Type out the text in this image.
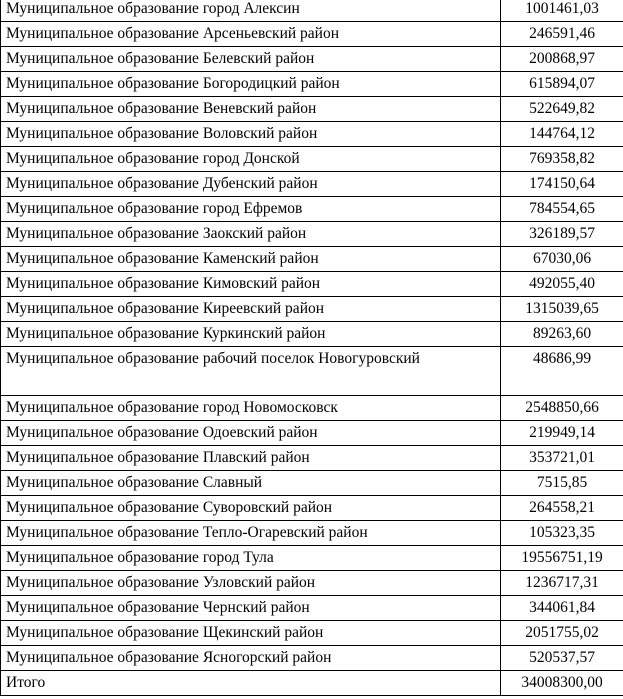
Муниципальное образование город Алексин	1001461,03
Муниципальное образование Арсеньевский район	246591,46
Муниципальное образование Белевский район	200868,97
Муниципальное образование Богородицкий район	615894,07
Муниципальное образование Веневский район	522649,82
Муниципальное образование Воловский район	144764,12
Муниципальное образование город Донской	769358,82
Муниципальное образование Дубенский район	174150,64
Муниципальное образование город Ефремов	784554,65
Муниципальное образование Заокский район	326189,57
Муниципальное образование Каменский район	67030,06
Муниципальное образование Кимовский район	492055,40
Муниципальное образование Киреевский район	1315039,65
Муниципальное образование Куркинский район	89263,60
Муниципальное образование рабочий поселок Новогуровский	48686,99
Муниципальное образование город Новомосковск	2548850,66
Муниципальное образование Одоевский район	219949,14
Муниципальное образование Плавский район	353721,01
Муниципальное образование Славный	7515,85
Муниципальное образование Суворовский район	264558,21
Муниципальное образование Тепло-Огаревский район	105323,35
Муниципальное образование город Тула	19556751,19
Муниципальное образование Узловский район	1236717,31
Муниципальное образование Чернский район	344061,84
Муниципальное образование Щекинский район	2051755,02
Муниципальное образование Ясногорский район	520537,57
Итого	34008300,00
